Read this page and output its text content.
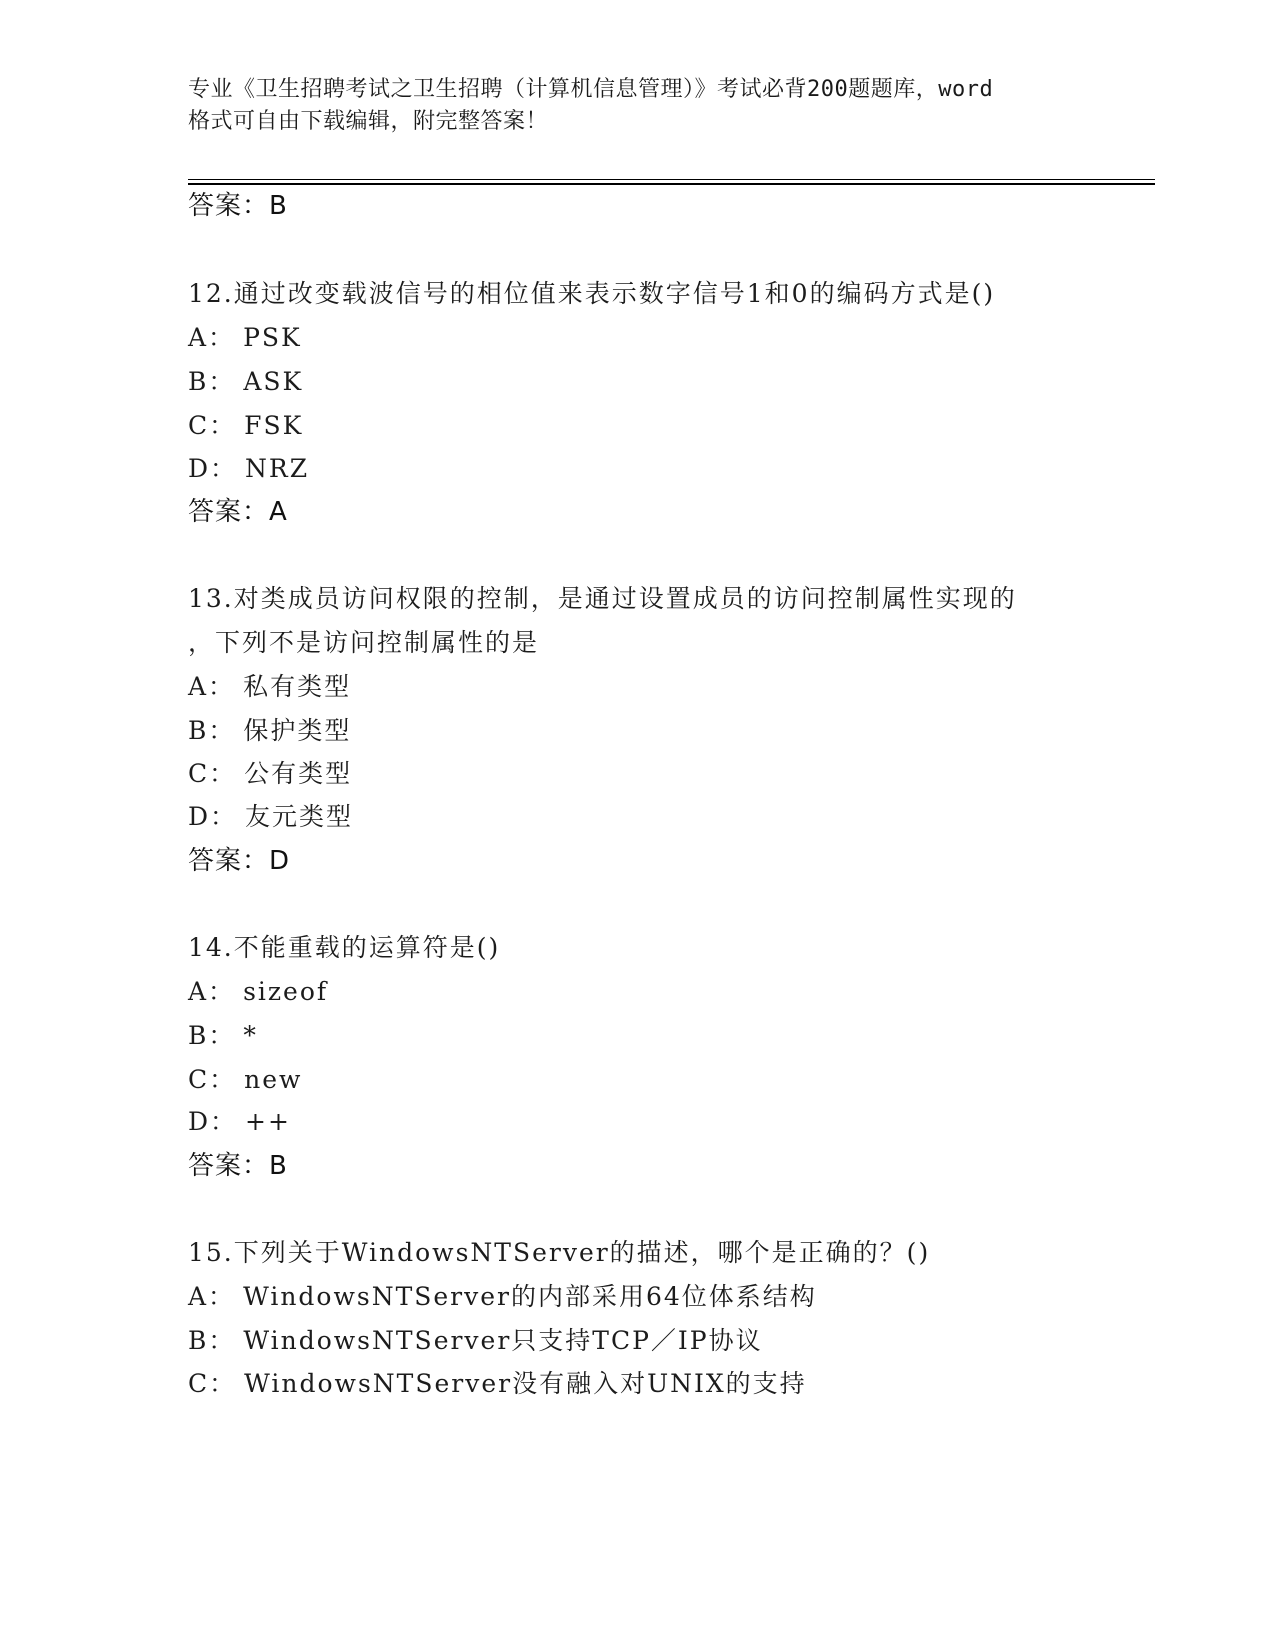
专业《卫生招聘考试之卫生招聘（计算机信息管理）》考试必背200题题库，word
格式可自由下载编辑，附完整答案！
答案：B
12.通过改变载波信号的相位值来表示数字信号1和0的编码方式是()
A： PSK
B： ASK
C： FSK
D： NRZ
答案：A
13.对类成员访问权限的控制，是通过设置成员的访问控制属性实现的
，下列不是访问控制属性的是
A： 私有类型
B： 保护类型
C： 公有类型
D： 友元类型
答案：D
14.不能重载的运算符是()
A： sizeof
B： *
C： new
D： ++
答案：B
15.下列关于WindowsNTServer的描述，哪个是正确的？()
A： WindowsNTServer的内部采用64位体系结构
B： WindowsNTServer只支持TCP／IP协议
C： WindowsNTServer没有融入对UNIX的支持
